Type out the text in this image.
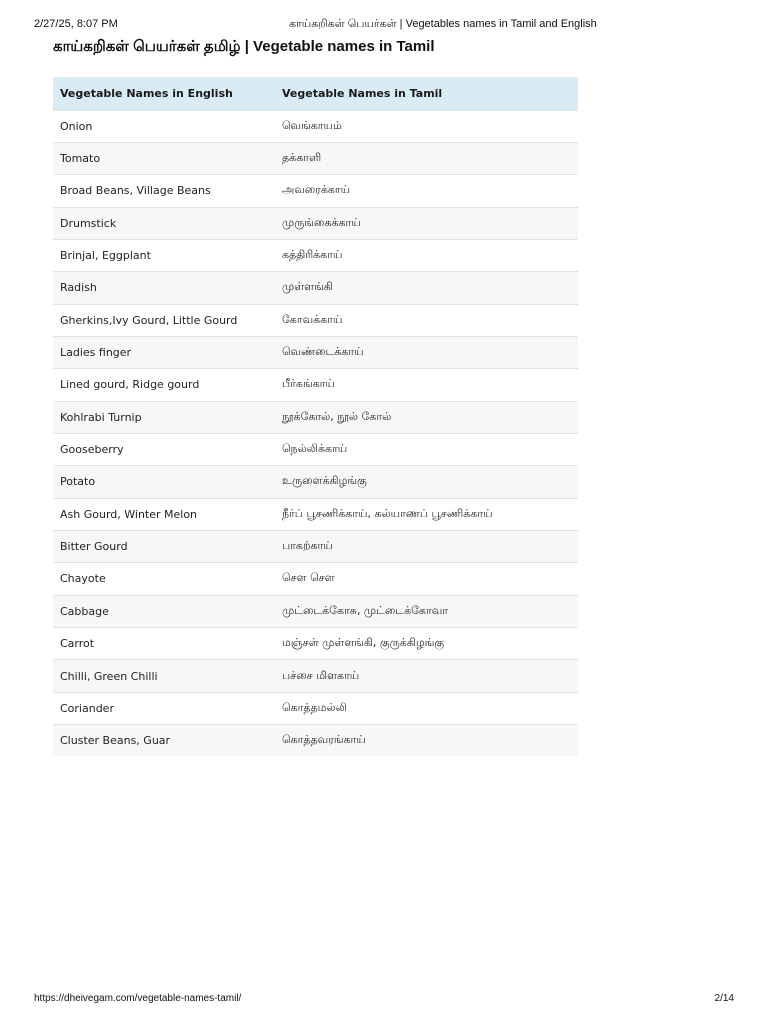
2/27/25, 8:07 PM	காய்கறிகள் பெயர்கள் | Vegetables names in Tamil and English
காய்கறிகள் பெயர்கள் தமிழ் | Vegetable names in Tamil
Vegetable Names in English	Vegetable Names in Tamil
Onion	வெங்காயம்
Tomato	தக்காளி
Broad Beans, Village Beans	அவரைக்காய்
Drumstick	முருங்கைக்காய்
Brinjal, Eggplant	கத்திரிக்காய்
Radish	முள்ளங்கி
Gherkins,Ivy Gourd, Little Gourd	கோவக்காய்
Ladies finger	வெண்டைக்காய்
Lined gourd, Ridge gourd	பீர்கங்காய்
Kohlrabi Turnip	நூக்கோல், நூல் கோல்
Gooseberry	நெல்லிக்காய்
Potato	உருளைக்கிழங்கு
Ash Gourd, Winter Melon	நீர்ப் பூசணிக்காய், கல்யாணப் பூசணிக்காய்
Bitter Gourd	பாகற்காய்
Chayote	சௌ சௌ
Cabbage	முட்டைக்கோசு, முட்டைக்கோவா
Carrot	மஞ்சள் முள்ளங்கி, குருக்கிழங்கு
Chilli, Green Chilli	பச்சை மிளகாய்
Coriander	கொத்தமல்லி
Cluster Beans, Guar	கொத்தவரங்காய்
https://dheivegam.com/vegetable-names-tamil/	2/14
